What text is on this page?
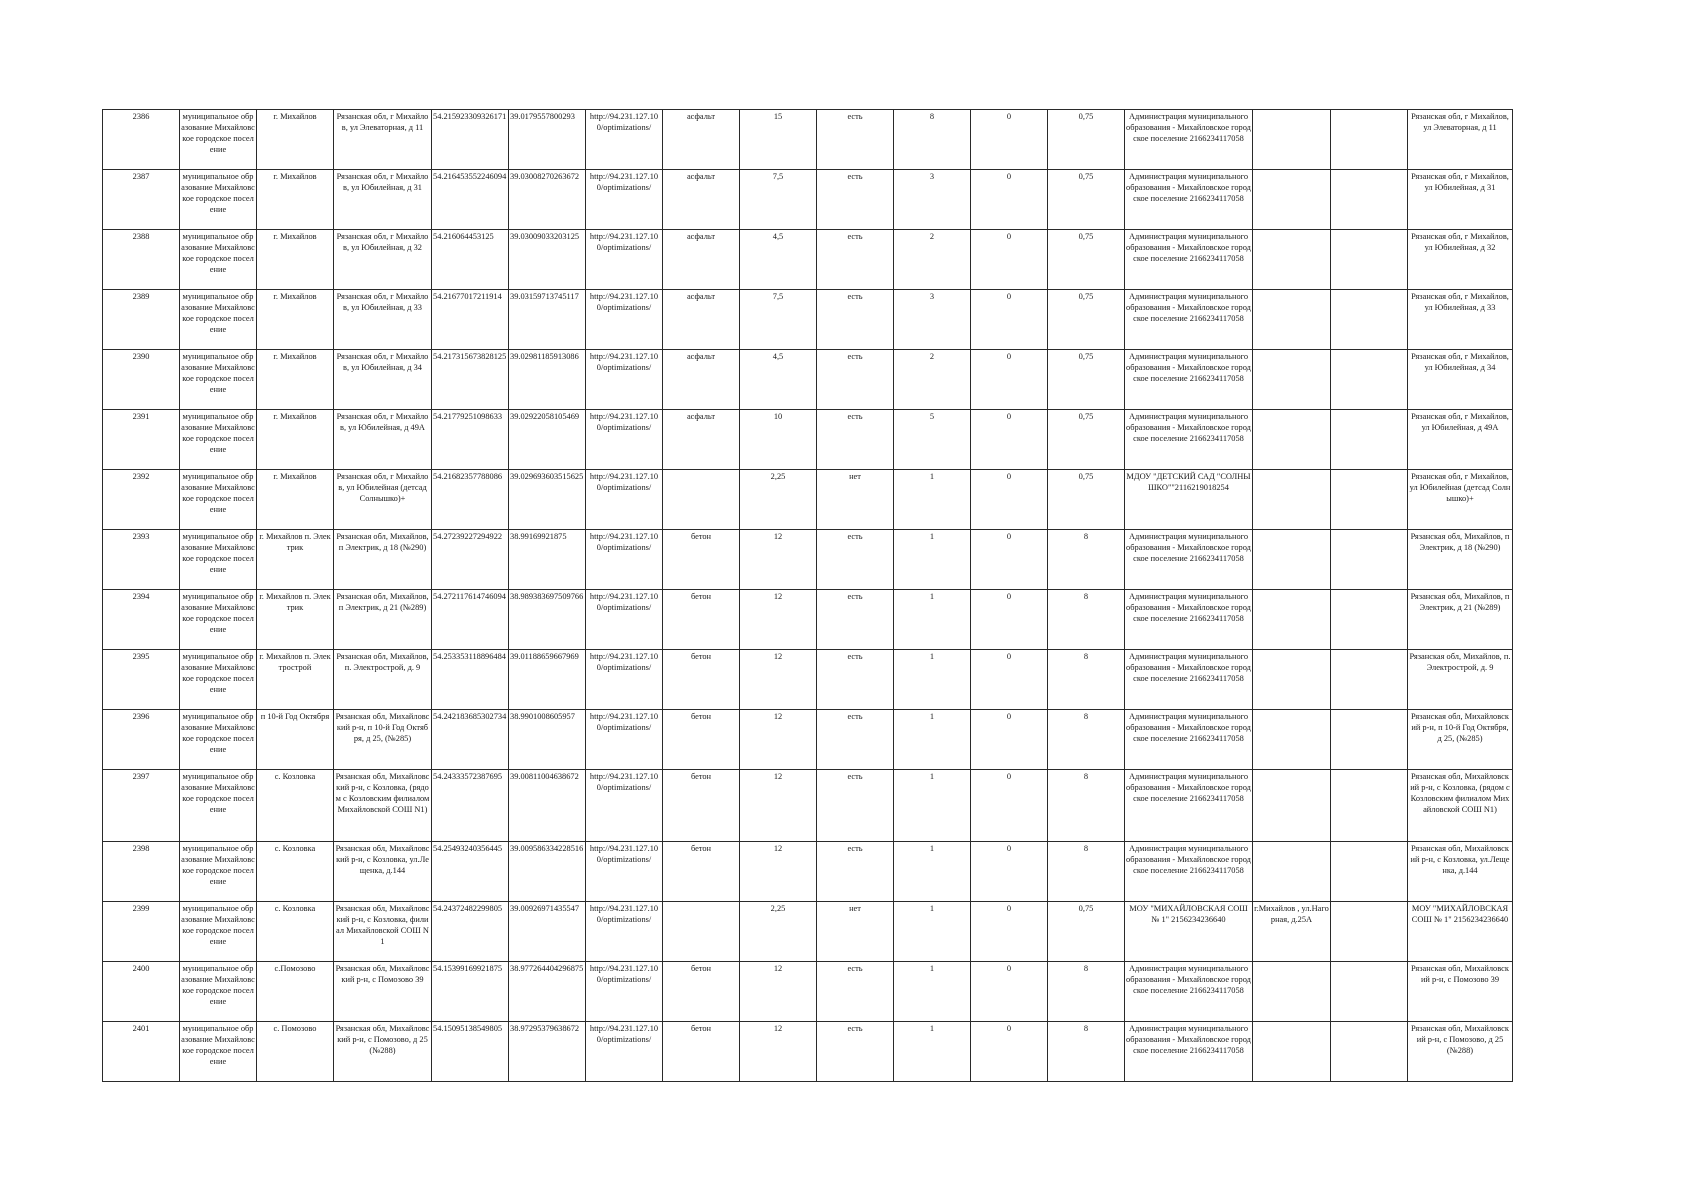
2386	муниципальное образование Михайловское городское поселение	г. Михайлов	Рязанская обл, г Михайлов, ул Элеваторная, д 11	54.215923309326171	39.0179557800293	http://94.231.127.100/optimizations/	асфальт	15	есть	8	0	0,75	Администрация муниципального образования - Михайловское городское поселение 2166234117058			Рязанская обл, г Михайлов, ул Элеваторная, д 11
2387	муниципальное образование Михайловское городское поселение	г. Михайлов	Рязанская обл, г Михайлов, ул Юбилейная, д 31	54.216453552246094	39.03008270263672	http://94.231.127.100/optimizations/	асфальт	7,5	есть	3	0	0,75	Администрация муниципального образования - Михайловское городское поселение 2166234117058			Рязанская обл, г Михайлов, ул Юбилейная, д 31
2388	муниципальное образование Михайловское городское поселение	г. Михайлов	Рязанская обл, г Михайлов, ул Юбилейная, д 32	54.216064453125	39.03009033203125	http://94.231.127.100/optimizations/	асфальт	4,5	есть	2	0	0,75	Администрация муниципального образования - Михайловское городское поселение 2166234117058			Рязанская обл, г Михайлов, ул Юбилейная, д 32
2389	муниципальное образование Михайловское городское поселение	г. Михайлов	Рязанская обл, г Михайлов, ул Юбилейная, д 33	54.21677017211914	39.03159713745117	http://94.231.127.100/optimizations/	асфальт	7,5	есть	3	0	0,75	Администрация муниципального образования - Михайловское городское поселение 2166234117058			Рязанская обл, г Михайлов, ул Юбилейная, д 33
2390	муниципальное образование Михайловское городское поселение	г. Михайлов	Рязанская обл, г Михайлов, ул Юбилейная, д 34	54.217315673828125	39.02981185913086	http://94.231.127.100/optimizations/	асфальт	4,5	есть	2	0	0,75	Администрация муниципального образования - Михайловское городское поселение 2166234117058			Рязанская обл, г Михайлов, ул Юбилейная, д 34
2391	муниципальное образование Михайловское городское поселение	г. Михайлов	Рязанская обл, г Михайлов, ул Юбилейная, д 49А	54.21779251098633	39.02922058105469	http://94.231.127.100/optimizations/	асфальт	10	есть	5	0	0,75	Администрация муниципального образования - Михайловское городское поселение 2166234117058			Рязанская обл, г Михайлов, ул Юбилейная, д 49А
2392	муниципальное образование Михайловское городское поселение	г. Михайлов	Рязанская обл, г Михайлов, ул Юбилейная (детсад Солнышко)+	54.21682357788086	39.029693603515625	http://94.231.127.100/optimizations/		2,25	нет	1	0	0,75	МДОУ "ДЕТСКИЙ САД "СОЛНЫШКО""2116219018254			Рязанская обл, г Михайлов, ул Юбилейная (детсад Солнышко)+
2393	муниципальное образование Михайловское городское поселение	г. Михайлов п. Электрик	Рязанская обл, Михайлов, п Электрик, д 18 (№290)	54.27239227294922	38.99169921875	http://94.231.127.100/optimizations/	бетон	12	есть	1	0	8	Администрация муниципального образования - Михайловское городское поселение 2166234117058			Рязанская обл, Михайлов, п Электрик, д 18 (№290)
2394	муниципальное образование Михайловское городское поселение	г. Михайлов п. Электрик	Рязанская обл, Михайлов, п Электрик, д 21 (№289)	54.272117614746094	38.989383697509766	http://94.231.127.100/optimizations/	бетон	12	есть	1	0	8	Администрация муниципального образования - Михайловское городское поселение 2166234117058			Рязанская обл, Михайлов, п Электрик, д 21 (№289)
2395	муниципальное образование Михайловское городское поселение	г. Михайлов п. Электрострой	Рязанская обл, Михайлов, п. Электрострой, д. 9	54.253353118896484	39.01188659667969	http://94.231.127.100/optimizations/	бетон	12	есть	1	0	8	Администрация муниципального образования - Михайловское городское поселение 2166234117058			Рязанская обл, Михайлов, п. Электрострой, д. 9
2396	муниципальное образование Михайловское городское поселение	п 10-й Год Октября	Рязанская обл, Михайловский р-н, п 10-й Год Октября, д 25, (№285)	54.242183685302734	38.9901008605957	http://94.231.127.100/optimizations/	бетон	12	есть	1	0	8	Администрация муниципального образования - Михайловское городское поселение 2166234117058			Рязанская обл, Михайловский р-н, п 10-й Год Октября, д 25, (№285)
2397	муниципальное образование Михайловское городское поселение	с. Козловка	Рязанская обл, Михайловский р-н, с Козловка, (рядом с Козловским филиалом Михайловской СОШ N1)	54.24333572387695	39.00811004638672	http://94.231.127.100/optimizations/	бетон	12	есть	1	0	8	Администрация муниципального образования - Михайловское городское поселение 2166234117058			Рязанская обл, Михайловский р-н, с Козловка, (рядом с Козловским филиалом Михайловской СОШ N1)
2398	муниципальное образование Михайловское городское поселение	с. Козловка	Рязанская обл, Михайловский р-н, с Козловка, ул.Лещенка, д.144	54.25493240356445	39.009586334228516	http://94.231.127.100/optimizations/	бетон	12	есть	1	0	8	Администрация муниципального образования - Михайловское городское поселение 2166234117058			Рязанская обл, Михайловский р-н, с Козловка, ул.Лещенка, д.144
2399	муниципальное образование Михайловское городское поселение	с. Козловка	Рязанская обл, Михайловский р-н, с Козловка, филиал Михайловской СОШ N1	54.24372482299805	39.00926971435547	http://94.231.127.100/optimizations/		2,25	нет	1	0	0,75	МОУ "МИХАЙЛОВСКАЯ СОШ № 1" 2156234236640	г.Михайлов , ул.Нагорная, д.25А		МОУ "МИХАЙЛОВСКАЯ СОШ № 1" 2156234236640
2400	муниципальное образование Михайловское городское поселение	с.Помозово	Рязанская обл, Михайловский р-н, с Помозово 39	54.15399169921875	38.977264404296875	http://94.231.127.100/optimizations/	бетон	12	есть	1	0	8	Администрация муниципального образования - Михайловское городское поселение 2166234117058			Рязанская обл, Михайловский р-н, с Помозово 39
2401	муниципальное образование Михайловское городское поселение	с. Помозово	Рязанская обл, Михайловский р-н, с Помозово, д 25 (№288)	54.15095138549805	38.97295379638672	http://94.231.127.100/optimizations/	бетон	12	есть	1	0	8	Администрация муниципального образования - Михайловское городское поселение 2166234117058			Рязанская обл, Михайловский р-н, с Помозово, д 25 (№288)
